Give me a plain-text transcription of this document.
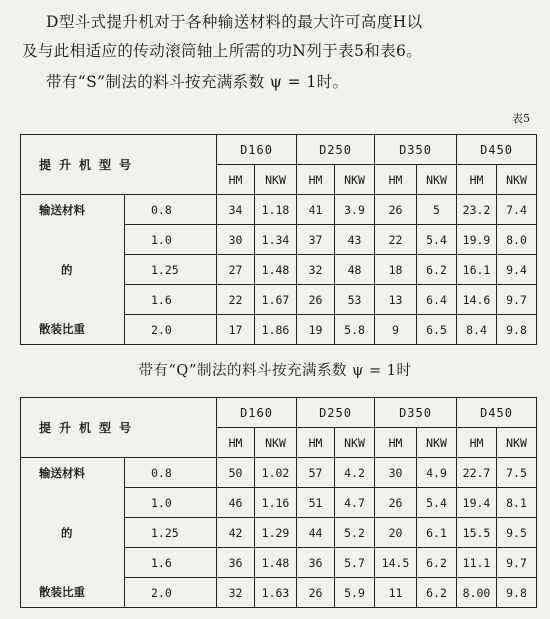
D型斗式提升机对于各种输送材料的最大许可高度H以
及与此相适应的传动滚筒轴上所需的功N列于表5和表6。
带有“S”制法的料斗按充满系数 ψ = 1时。
表5
提升机型号		D160		D250		D350		D450	
		HM	NKW	HM	NKW	HM	NKW	HM	NKW
输送材料	0.8	34	1.18	41	3.9	26	5	23.2	7.4
	1.0	30	1.34	37	43	22	5.4	19.9	8.0
的	1.25	27	1.48	32	48	18	6.2	16.1	9.4
	1.6	22	1.67	26	53	13	6.4	14.6	9.7
散装比重	2.0	17	1.86	19	5.8	9	6.5	8.4	9.8
带有“Q”制法的料斗按充满系数 ψ = 1时
提升机型号		D160		D250		D350		D450	
		HM	NKW	HM	NKW	HM	NKW	HM	NKW
输送材料	0.8	50	1.02	57	4.2	30	4.9	22.7	7.5
	1.0	46	1.16	51	4.7	26	5.4	19.4	8.1
的	1.25	42	1.29	44	5.2	20	6.1	15.5	9.5
	1.6	36	1.48	36	5.7	14.5	6.2	11.1	9.7
散装比重	2.0	32	1.63	26	5.9	11	6.2	8.00	9.8
